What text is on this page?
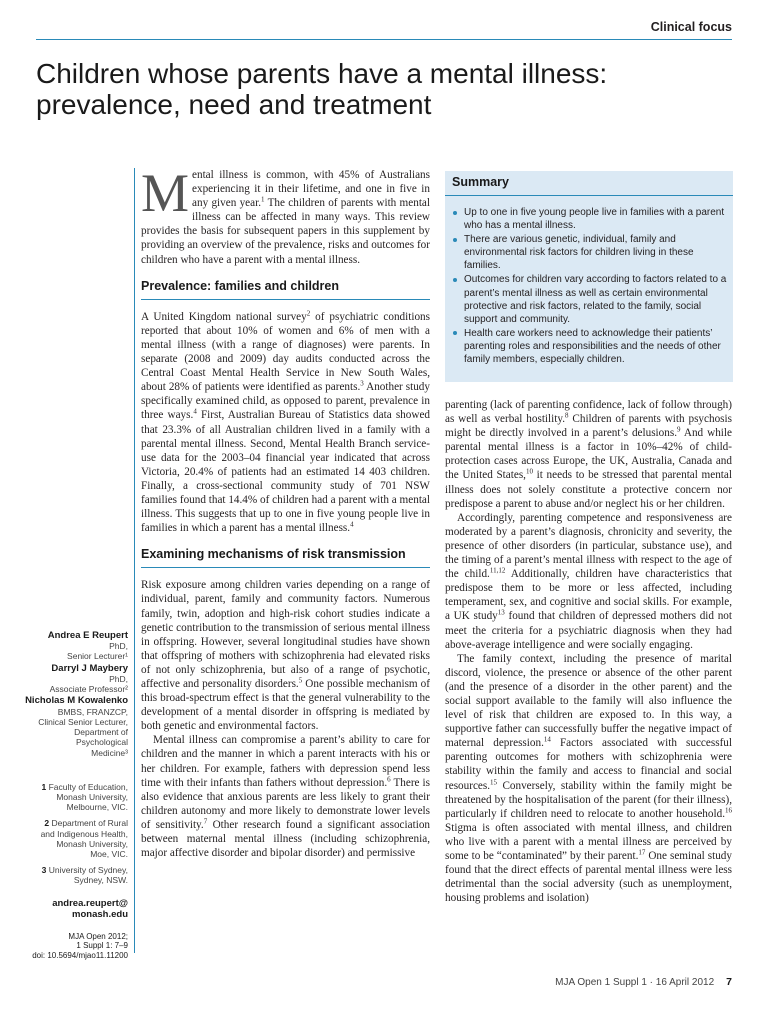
Clinical focus
Children whose parents have a mental illness:
prevalence, need and treatment

Mental illness is common, with 45% of Australians experiencing it in their lifetime, and one in five in any given year.$^1$ The children of parents with mental illness can be affected in many ways. This review provides the basis for subsequent papers in this supplement by providing an overview of the prevalence, risks and outcomes for children who have a parent with a mental illness.

Prevalence: families and children

A United Kingdom national survey$^2$ of psychiatric conditions reported that about 10% of women and 6% of men with a mental illness (with a range of diagnoses) were parents. In separate (2008 and 2009) day audits conducted across the Central Coast Mental Health Service in New South Wales, about 28% of patients were identified as parents.$^3$ Another study specifically examined child, as opposed to parent, prevalence in three ways.$^4$ First, Australian Bureau of Statistics data showed that 23.3% of all Australian children lived in a family with a parental mental illness. Second, Mental Health Branch service-use data for the 2003–04 financial year indicated that across Victoria, 20.4% of patients had an estimated 14 403 children. Finally, a cross-sectional community study of 701 NSW families found that 14.4% of children had a parent with a mental illness. This suggests that up to one in five young people live in families in which a parent has a mental illness.$^4$

Examining mechanisms of risk transmission

Risk exposure among children varies depending on a range of individual, parent, family and community factors. Numerous family, twin, adoption and high-risk cohort studies indicate a genetic contribution to the transmission of serious mental illness in offspring. However, several longitudinal studies have shown that offspring of mothers with schizophrenia had elevated risks of not only schizophrenia, but also of a range of psychotic, affective and personality disorders.$^5$ One possible mechanism of this broad-spectrum effect is that the general vulnerability to the development of a mental disorder in offspring is mediated by both genetic and environmental factors.

Mental illness can compromise a parent’s ability to care for children and the manner in which a parent interacts with his or her children. For example, fathers with depression spend less time with their infants than fathers without depression.$^6$ There is also evidence that anxious parents are less likely to grant their children autonomy and more likely to demonstrate lower levels of sensitivity.$^7$ Other research found a significant association between maternal mental illness (including schizophrenia, major affective disorder and bipolar disorder) and permissive

Summary
Up to one in five young people live in families with a parent who has a mental illness.
There are various genetic, individual, family and environmental risk factors for children living in these families.
Outcomes for children vary according to factors related to a parent’s mental illness as well as certain environmental protective and risk factors, related to the family, social support and community.
Health care workers need to acknowledge their patients’ parenting roles and responsibilities and the needs of other family members, especially children.

parenting (lack of parenting confidence, lack of follow through) as well as verbal hostility.$^8$ Children of parents with psychosis might be directly involved in a parent’s delusions.$^9$ And while parental mental illness is a factor in 10%–42% of child-protection cases across Europe, the UK, Australia, Canada and the United States,$^{10}$ it needs to be stressed that parental mental illness does not solely constitute a protective concern nor predispose a parent to abuse and/or neglect his or her children.

Accordingly, parenting competence and responsiveness are moderated by a parent’s diagnosis, chronicity and severity, the presence of other disorders (in particular, substance use), and the timing of a parent’s mental illness with respect to the age of the child.$^{11,12}$ Additionally, children have characteristics that predispose them to be more or less affected, including temperament, sex, and cognitive and social skills. For example, a UK study$^{13}$ found that children of depressed mothers did not meet the criteria for a psychiatric diagnosis when they had above-average intelligence and were socially engaging.

The family context, including the presence of marital discord, violence, the presence or absence of the other parent (and the presence of a disorder in the other parent) and the social support available to the family will also influence the level of risk that children are exposed to. In this way, a supportive father can successfully buffer the negative impact of maternal depression.$^{14}$ Factors associated with successful parenting outcomes for mothers with schizophrenia were stability within the family and access to financial and social resources.$^{15}$ Conversely, stability within the family might be threatened by the hospitalisation of the parent (for their illness), particularly if children need to relocate to another household.$^{16}$ Stigma is often associated with mental illness, and children who live with a parent with a mental illness are perceived by some to be “contaminated” by their parent.$^{17}$ One seminal study found that the direct effects of parental mental illness were less detrimental than the social adversity (such as unemployment, housing problems and isolation)

Andrea E Reupert
PhD,
Senior Lecturer¹
Darryl J Maybery
PhD,
Associate Professor²
Nicholas M Kowalenko
BMBS, FRANZCP,
Clinical Senior Lecturer,
Department of
Psychological
Medicine³
1 Faculty of Education,
Monash University,
Melbourne, VIC.
2 Department of Rural
and Indigenous Health,
Monash University,
Moe, VIC.
3 University of Sydney,
Sydney, NSW.
andrea.reupert@
monash.edu
MJA Open 2012;
1 Suppl 1: 7–9
doi: 10.5694/mjao11.11200
MJA Open 1 Suppl 1 · 16 April 2012 7
